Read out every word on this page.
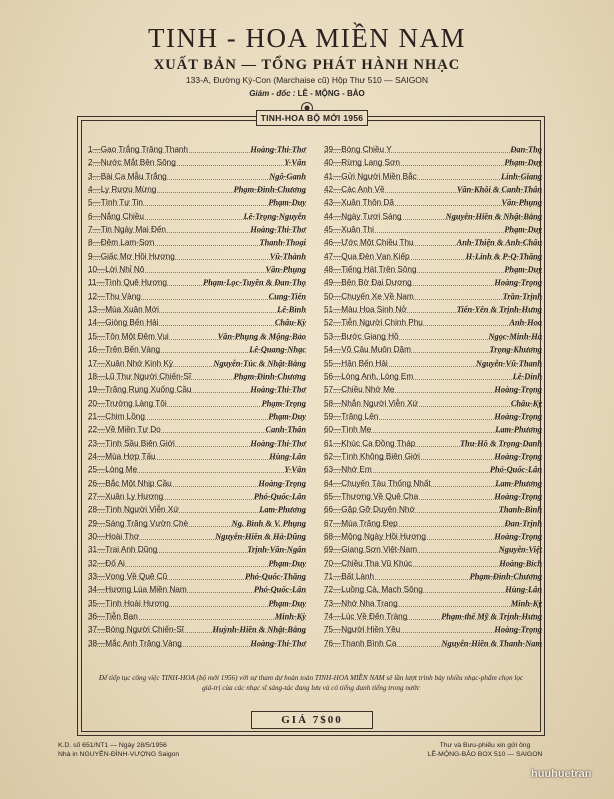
TINH - HOA MIỀN NAM
XUẤT BẢN — TỔNG PHÁT HÀNH NHẠC
133-A, Đường Kỳ-Con (Marchaise cũ) Hộp Thư 510 — SAIGON
Giám - đốc : LÊ - MỘNG - BẢO
TINH-HOA BỘ MỚI 1956
1—Gạo Trắng Trăng Thanh	Hoàng-Thi-Thơ
2—Nước Mắt Bên Sông	Y-Vân
3—Bài Ca Mẫu Trắng	Ngô-Ganh
4—Ly Rượu Mừng	Phạm-Đình-Chương
5—Tình Tự Tin	Phạm-Duy
6—Nắng Chiều	Lê-Trọng-Nguyễn
7—Tin Ngày Mai Đến	Hoàng-Thi-Thơ
8—Đêm Lam-Sơn	Thanh-Thoại
9—Giấc Mơ Hồi Hương	Vũ-Thành
10—Lời Nhỉ Nô	Văn-Phụng
11—Tình Quê Hương	Phạm-Lọc-Tuyền & Đan-Thọ
12—Thu Vàng	Cung-Tiến
13—Mùa Xuân Mới	Lê-Bình
14—Giòng Bến Hải	Châu-Kỳ
15—Tôn Một Đêm Vui	Văn-Phụng & Mộng-Bảo
16—Trên Bến Vàng	Lê-Quang-Nhạc
17—Xuân Nhớ Kinh Kỳ	Nguyễn-Túc & Nhật-Bằng
18—Lũ Thư Người Chiến-Sĩ	Phạm-Đình-Chương
19—Trăng Rụng Xuống Cầu	Hoàng-Thi-Thơ
20—Trường Làng Tôi	Phạm-Trọng
21—Chim Lồng	Phạm-Duy
22—Về Miền Tự Do	Canh-Thân
23—Tình Sầu Biên Giới	Hoàng-Thi-Thơ
24—Mùa Hợp Tấu	Hùng-Lân
25—Lòng Mẹ	Y-Vân
26—Bắc Một Nhịp Cầu	Hoàng-Trọng
27—Xuân Ly Hương	Phó-Quốc-Lân
28—Tình Người Viễn Xứ	Lam-Phương
29—Sáng Trăng Vườn Chè	Ng. Bình & V. Phụng
30—Hoài Thơ	Nguyễn-Hiền & Hà-Dũng
31—Trai Anh Dũng	Trịnh-Văn-Ngân
32—Đố Ai	Phạm-Duy
33—Vọng Về Quê Cũ	Phó-Quốc-Thăng
34—Hương Lúa Miền Nam	Phó-Quốc-Lân
35—Tình Hoài Hương	Phạm-Duy
36—Tiễn Bạn	Minh-Kỳ
37—Bóng Người Chiến-Sĩ	Huỳnh-Hiền & Nhật-Bằng
38—Mắc Anh Trăng Vàng	Hoàng-Thi-Thơ
39—Bóng Chiều Y	Đan-Thọ
40—Rừng Lang Sơn	Phạm-Duy
41—Gửi Người Miền Bắc	Linh-Giang
42—Các Anh Về	Văn-Khôi & Canh-Thân
43—Xuân Thôn Dã	Văn-Phụng
44—Ngày Tươi Sáng	Nguyễn-Hiền & Nhật-Bằng
45—Xuân Thi	Phạm-Duy
46—Ước Một Chiều Thu	Anh-Thiện & Anh-Châu
47—Qua Đèn Vạn Kiếp	H-Linh & P-Q-Thăng
48—Tiếng Hát Trên Sông	Phạm-Duy
49—Bên Bờ Đại Dương	Hoàng-Trọng
50—Chuyến Xe Về Nam	Trần-Trịnh
51—Màu Hoa Sinh Nở	Tiến-Yên & Trịnh-Hưng
52—Tiễn Người Chinh Phụ	Anh-Hoa
53—Bước Giang Hồ	Ngọc-Minh-Hà
54—Võ Câu Muôn Dặm	Trọng-Khương
55—Hận Bến Hải	Nguyễn-Vũ-Thanh
56—Lòng Anh, Lòng Em	Lê-Dinh
57—Chiều Nhớ Mẹ	Hoàng-Trọng
58—Nhắn Người Viễn Xứ	Châu-Kỳ
59—Trăng Lên	Hoàng-Trọng
60—Tình Mẹ	Lam-Phương
61—Khúc Ca Đồng Tháp	Thu-Hồ & Trọng-Danh
62—Tình Không Biên Giới	Hoàng-Trọng
63—Nhớ Em	Phó-Quốc-Lân
64—Chuyến Tàu Thống Nhất	Lam-Phương
65—Thương Về Quê Cha	Hoàng-Trọng
66—Gặp Gỡ Duyên Nhớ	Thanh-Bình
67—Mùa Trăng Đẹp	Đan-Trịnh
68—Mộng Ngày Hồi Hương	Hoàng-Trọng
69—Giang Sơn Việt-Nam	Nguyễn-Việt
70—Chiều Tha Vũ Khúc	Hoàng-Bích
71—Bất Lành	Phạm-Đình-Chương
72—Luồng Cà, Mạch Sông	Hùng-Lân
73—Nhớ Nha Trang	Minh-Kỳ
74—Lúc Về Đến Tràng	Phạm-thế Mỹ & Trịnh-Hưng
75—Người Hiền Yêu	Hoàng-Trọng
76—Thanh Bình Ca	Nguyễn-Hiền & Thanh-Nam
Để tiếp tục công việc TINH-HOA (bộ mới 1956) với sự tham dự hoàn toàn TINH-HOA MIỀN NAM sẽ lần lượt trình bày nhiều nhạc-phẩm chọn lọc giá-trị của các nhạc sĩ sáng-tác đang lưu và có tiếng danh tiếng trong nước
GIÁ 7$00
K.D. số 651/NT1 — Ngày 28/5/1956
Nhà in NGUYỄN-ĐÌNH-VƯỢNG Saigon
Thư và Bưu-phiếu xin gửi ông
LÊ-MỘNG-BẢO BOX 510 — SAIGON
huuhuetran
